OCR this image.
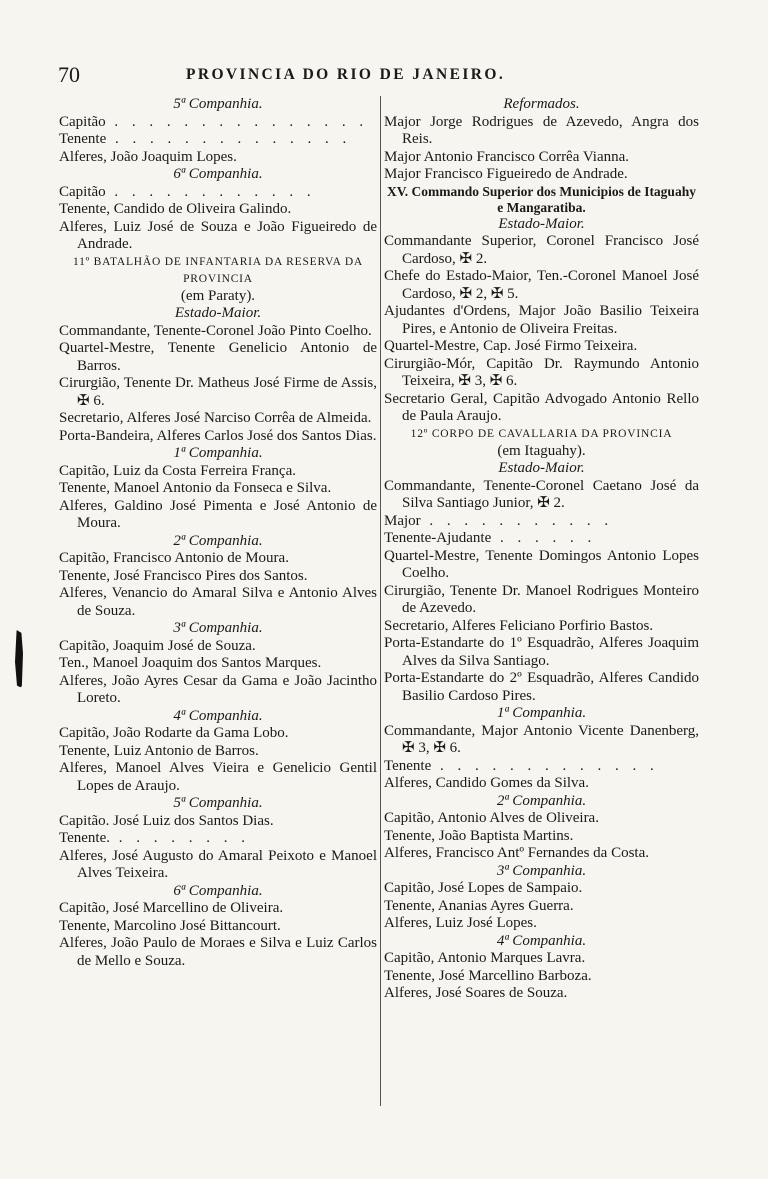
70	PROVINCIA DO RIO DE JANEIRO.

5ª Companhia.

Capitão . . . . . . . . . . . . . . .

Tenente . . . . . . . . . . . . . .

Alferes, João Joaquim Lopes.

6ª Companhia.

Capitão . . . . . . . . . . . .

Tenente, Candido de Oliveira Galindo.

Alferes, Luiz José de Souza e João Figueiredo de Andrade.

11º BATALHÃO DE INFANTARIA DA RESERVA DA PROVINCIA

(em Paraty).

Estado-Maior.

Commandante, Tenente-Coronel João Pinto Coelho.

Quartel-Mestre, Tenente Genelicio Antonio de Barros.

Cirurgião, Tenente Dr. Matheus José Firme de Assis, ✠ 6.

Secretario, Alferes José Narciso Corrêa de Almeida.

Porta-Bandeira, Alferes Carlos José dos Santos Dias.

1ª Companhia.

Capitão, Luiz da Costa Ferreira França.

Tenente, Manoel Antonio da Fonseca e Silva.

Alferes, Galdino José Pimenta e José Antonio de Moura.

2ª Companhia.

Capitão, Francisco Antonio de Moura.

Tenente, José Francisco Pires dos Santos.

Alferes, Venancio do Amaral Silva e Antonio Alves de Souza.

3ª Companhia.

Capitão, Joaquim José de Souza.

Ten., Manoel Joaquim dos Santos Marques.

Alferes, João Ayres Cesar da Gama e João Jacintho Loreto.

4ª Companhia.

Capitão, João Rodarte da Gama Lobo.

Tenente, Luiz Antonio de Barros.

Alferes, Manoel Alves Vieira e Genelicio Gentil Lopes de Araujo.

5ª Companhia.

Capitão. José Luiz dos Santos Dias.

Tenente. . . . . . . . .

Alferes, José Augusto do Amaral Peixoto e Manoel Alves Teixeira.

6ª Companhia.

Capitão, José Marcellino de Oliveira.

Tenente, Marcolino José Bittancourt.

Alferes, João Paulo de Moraes e Silva e Luiz Carlos de Mello e Souza.

Reformados.

Major Jorge Rodrigues de Azevedo, Angra dos Reis.

Major Antonio Francisco Corrêa Vianna.

Major Francisco Figueiredo de Andrade.

XV. Commando Superior dos Municipios de Itaguahy e Mangaratiba.

Estado-Maior.

Commandante Superior, Coronel Francisco José Cardoso, ✠ 2.

Chefe do Estado-Maior, Ten.-Coronel Manoel José Cardoso, ✠ 2, ✠ 5.

Ajudantes d'Ordens, Major João Basilio Teixeira Pires, e Antonio de Oliveira Freitas.

Quartel-Mestre, Cap. José Firmo Teixeira.

Cirurgião-Mór, Capitão Dr. Raymundo Antonio Teixeira, ✠ 3, ✠ 6.

Secretario Geral, Capitão Advogado Antonio Rello de Paula Araujo.

12º CORPO DE CAVALLARIA DA PROVINCIA

(em Itaguahy).

Estado-Maior.

Commandante, Tenente-Coronel Caetano José da Silva Santiago Junior, ✠ 2.

Major . . . . . . . . . . .

Tenente-Ajudante . . . . . .

Quartel-Mestre, Tenente Domingos Antonio Lopes Coelho.

Cirurgião, Tenente Dr. Manoel Rodrigues Monteiro de Azevedo.

Secretario, Alferes Feliciano Porfirio Bastos.

Porta-Estandarte do 1º Esquadrão, Alferes Joaquim Alves da Silva Santiago.

Porta-Estandarte do 2º Esquadrão, Alferes Candido Basilio Cardoso Pires.

1ª Companhia.

Commandante, Major Antonio Vicente Danenberg, ✠ 3, ✠ 6.

Tenente . . . . . . . . . . . . .

Alferes, Candido Gomes da Silva.

2ª Companhia.

Capitão, Antonio Alves de Oliveira.

Tenente, João Baptista Martins.

Alferes, Francisco Antº Fernandes da Costa.

3ª Companhia.

Capitão, José Lopes de Sampaio.

Tenente, Ananias Ayres Guerra.

Alferes, Luiz José Lopes.

4ª Companhia.

Capitão, Antonio Marques Lavra.

Tenente, José Marcellino Barboza.

Alferes, José Soares de Souza.
